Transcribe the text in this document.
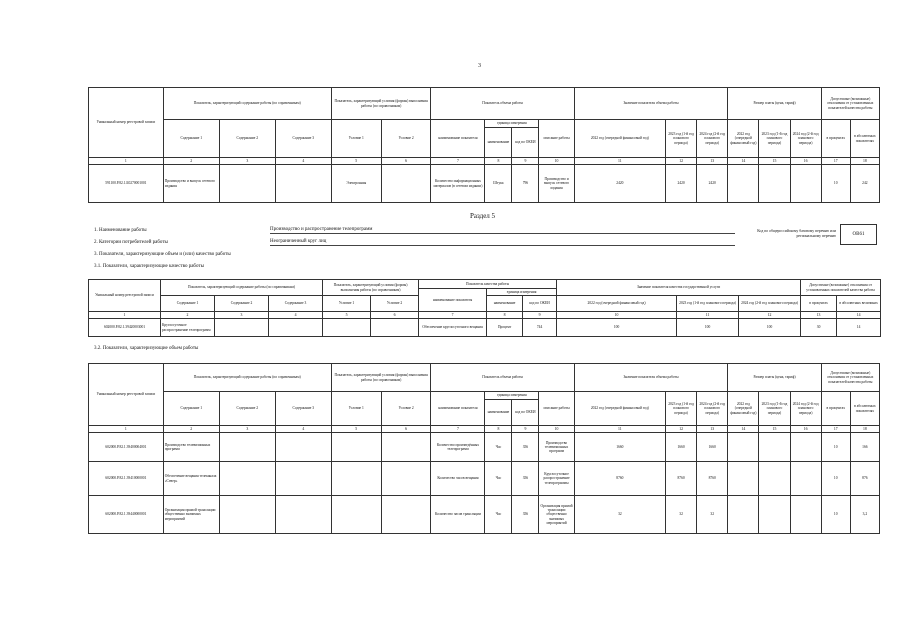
3
Уникальный номер реестровой записи	Показатель, характеризующий содержание работы (по справочникам)			Показатель, характеризующий условия (формы) выполнения работы (по справочникам)		Показатель объема работы				Значение показателя объема работы			Размер платы (цена, тариф)			Допустимые (возможные) отклонения от установленных показателей качества работы	
	Содержание 1	Содержание 2	Содержание 3	Условие 1	Условие 2	наименование показателя	единица измерения		описание работы	2022 год (очередной финансовый год)	2023 год (1-й год планового периода)	2024 год (2-й год планового периода)	2022 год (очередной финансовый год)	2023 год (1-й год планового периода)	2024 год (2-й год планового периода)	в процентах	в абсолютных показателях
							наименование	код по ОКЕИ									
1	2	3	4	5	6	7	8	9	10	11	12	13	14	15	16	17	18
591100.Р.82.1.Б0270001001	Производство и выпуск сетевого издания			Электронная		Количество информационных материалов (в сетевом издании)	Штука	796	Производство и выпуск сетевого издания	2420	2420	2420				10	242
Раздел 5
1. Наименование работы	Производство и распространение телепрограмм
2. Категории потребителей работы	Неограниченный круг лиц
Код по общероссийскому базовому перечню или региональному перечню	ОВ61
3. Показатели, характеризующие объем и (или) качество работы
3.1. Показатели, характеризующие качество работы
Уникальный номер реестровой записи	Показатель, характеризующий содержание работы (по справочникам)			Показатель, характеризующий условия (формы) выполнения работы (по справочникам)		Показатель качества работы			Значение показателя качества государственной услуги			Допустимые (возможные) отклонения от установленных показателей качества работы	
						наименование показателя	единица измерения						
	Содержание 1	Содержание 2	Содержание 3	Условие 1	Условие 2		наименование	код по ОКЕИ	2022 год (очередной финансовый год)	2023 год (1-й год планового периода)	2024 год (2-й год планового периода)	в процентах	в абсолютных величинах
1	2	3	4	5	6	7	8	9	10	11	12	13	14
602000.Р.82.1.39420003001	Круглосуточное распространение телепрограмм					Обеспечение круглосуточного вещания	Процент	744	100	100	100	30	14
3.2. Показатели, характеризующие объем работы
Уникальный номер реестровой записи	Показатель, характеризующий содержание работы (по справочникам)			Показатель, характеризующий условия (формы) выполнения работы (по справочникам)		Показатель объема работы				Значение показателя объема работы			Размер платы (цена, тариф)			Допустимые (возможные) отклонения от установленных показателей качества работы	
	Содержание 1	Содержание 2	Содержание 3	Условие 1	Условие 2	наименование показателя	единица измерения		описание работы	2022 год (очередной финансовый год)	2023 год (1-й год планового периода)	2024 год (2-й год планового периода)	2022 год (очередной финансовый год)	2023 год (1-й год планового периода)	2024 год (2-й год планового периода)	в процентах	в абсолютных показателях
							наименование	код по ОКЕИ									
1	2	3	4	5	6	7	8	9	10	11	12	13	14	15	16	17	18
602000.Р.82.1.39400004001	Производство телевизионных программ					Количество произведённых телепрограмм	Час	356	Производство телевизионных программ	1660	1660	1660				10	166
602000.Р.82.1.39410000001	Обеспечение вещания телеканала «Север»					Количество часов вещания	Час	356	Круглосуточное распространение телепрограммы	8760	8760	8760				10	876
602000.Р.82.1.39440000001	Организация прямой трансляции общественно значимых мероприятий					Количество часов трансляции	Час	356	Организация прямой трансляции общественно значимых мероприятий	32	32	32				10	3,2
